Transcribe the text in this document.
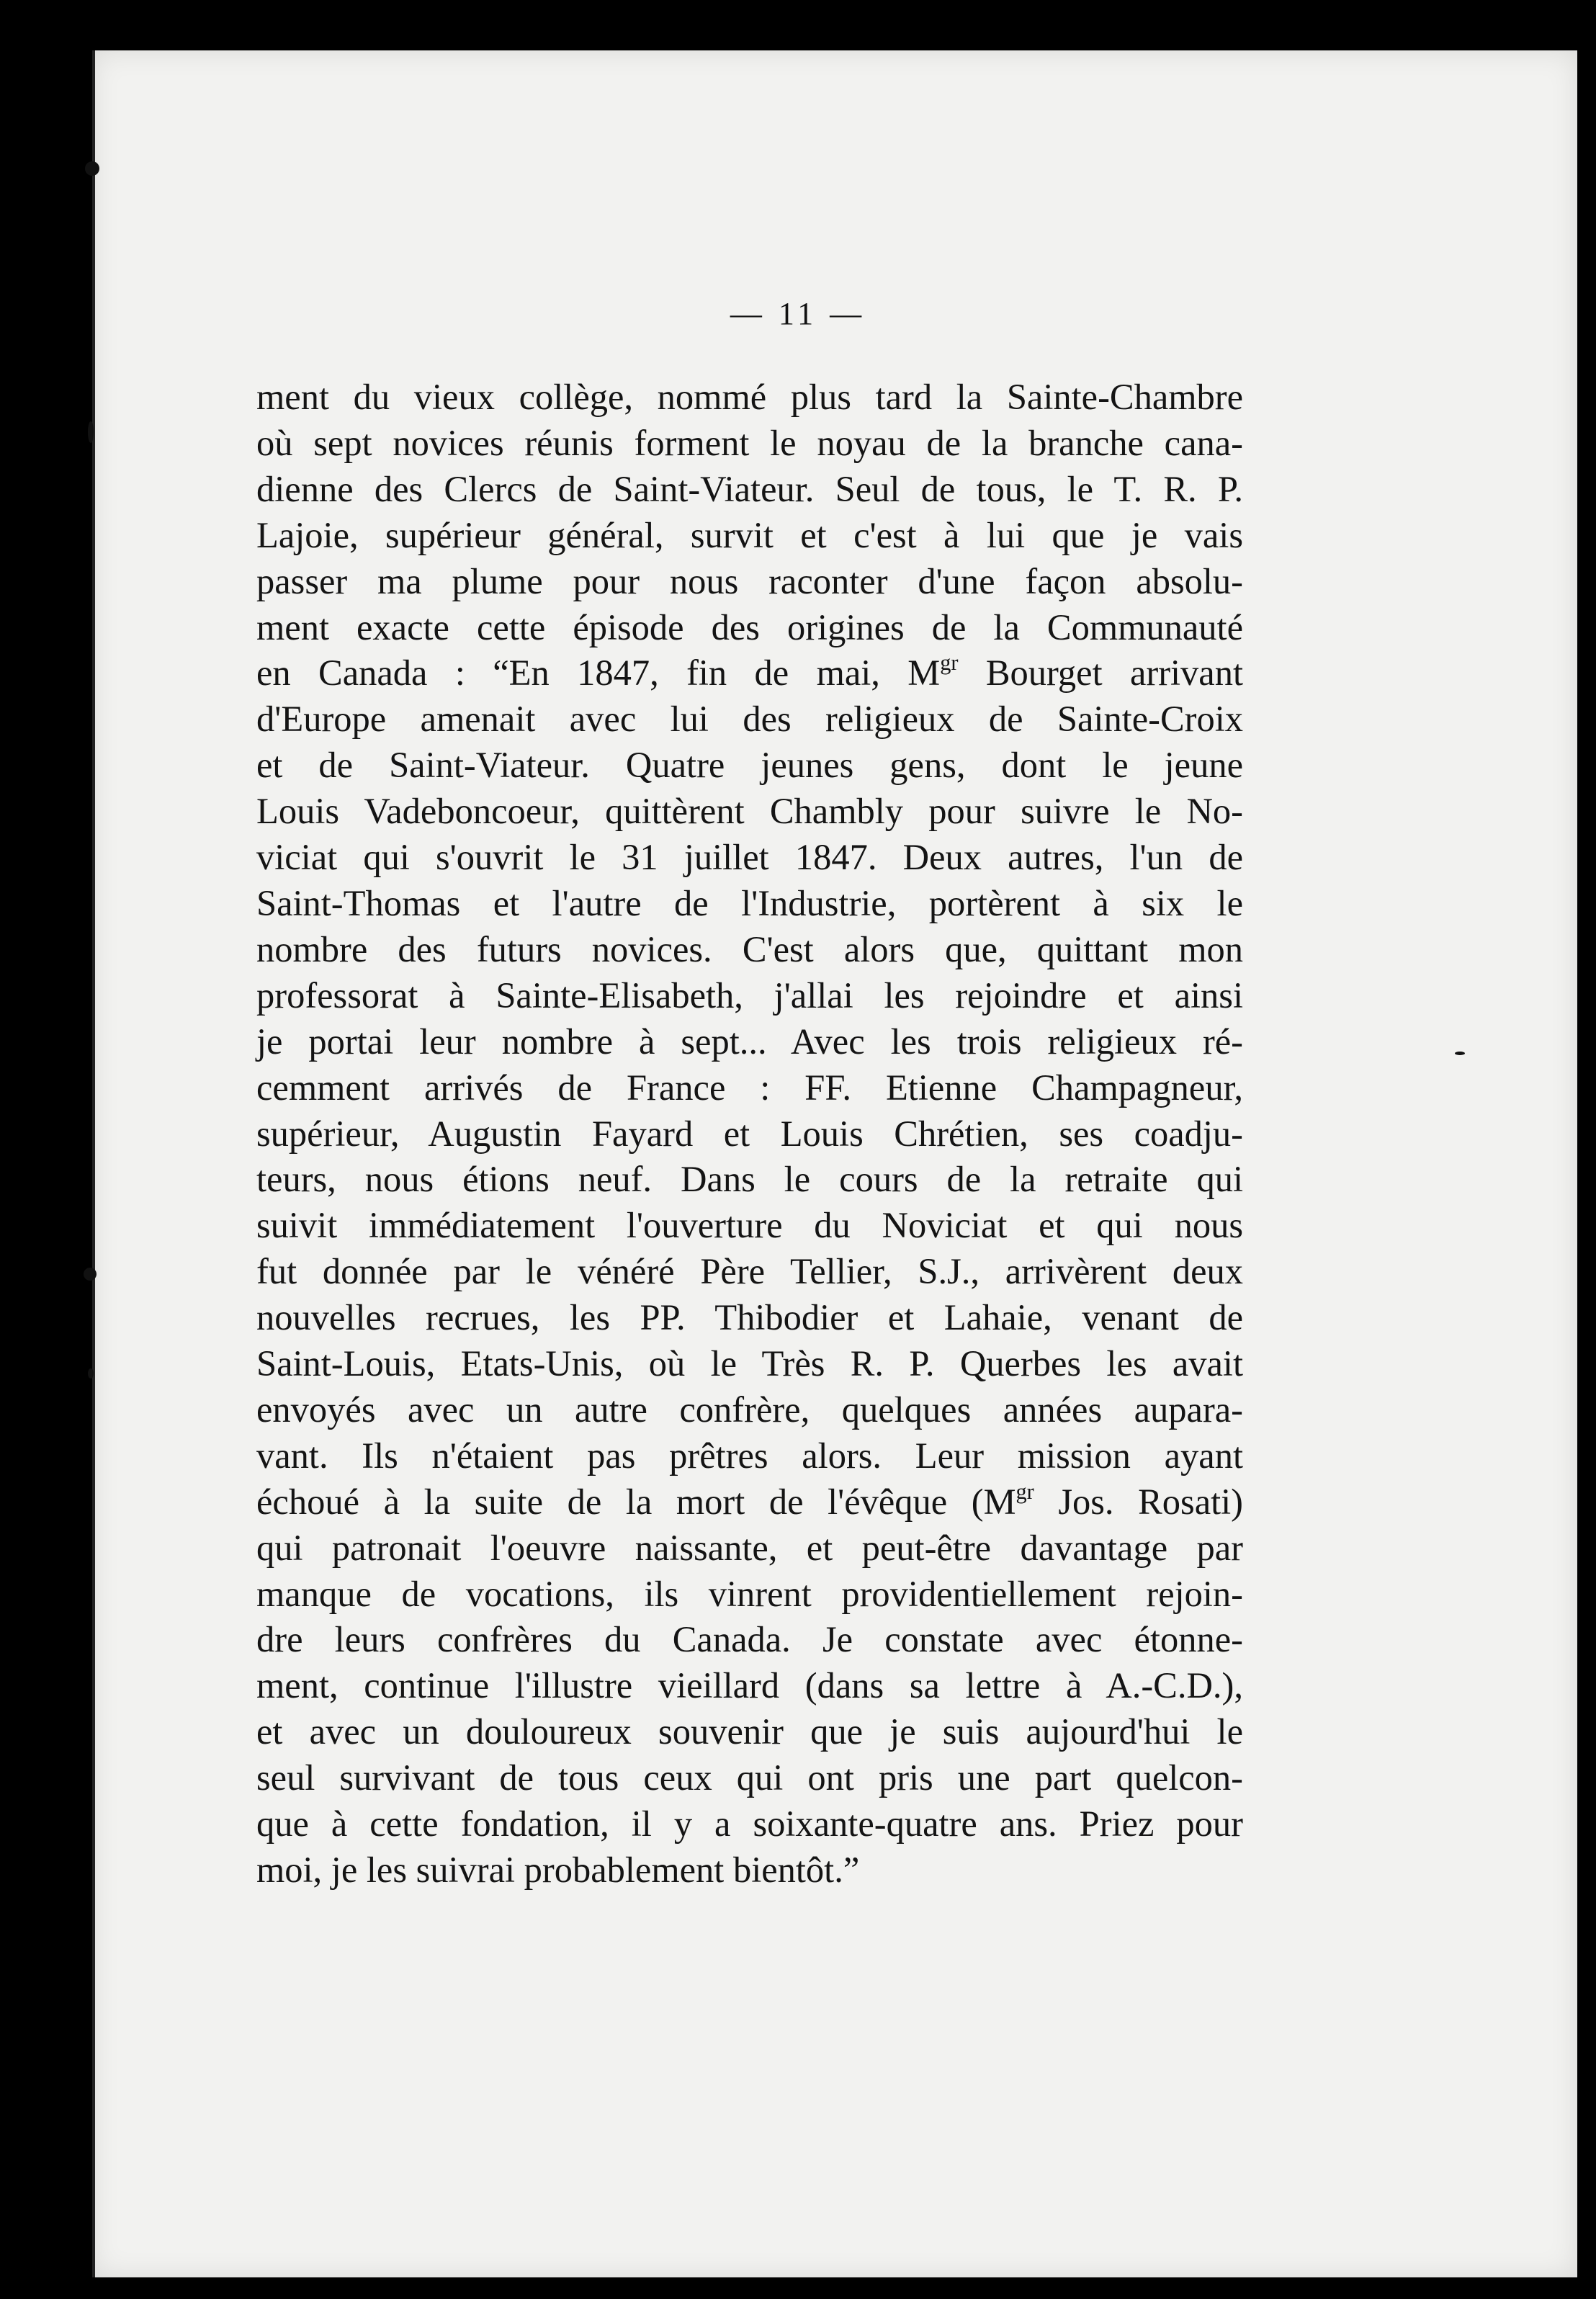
— 11 —
ment du vieux collège, nommé plus tard la Sainte-Chambre
où sept novices réunis forment le noyau de la branche cana-
dienne des Clercs de Saint-Viateur. Seul de tous, le T. R. P.
Lajoie, supérieur général, survit et c'est à lui que je vais
passer ma plume pour nous raconter d'une façon absolu-
ment exacte cette épisode des origines de la Communauté
en Canada : “En 1847, fin de mai, $M^{gr}$ Bourget arrivant
d'Europe amenait avec lui des religieux de Sainte-Croix
et de Saint-Viateur. Quatre jeunes gens, dont le jeune
Louis Vadeboncoeur, quittèrent Chambly pour suivre le No-
viciat qui s'ouvrit le 31 juillet 1847. Deux autres, l'un de
Saint-Thomas et l'autre de l'Industrie, portèrent à six le
nombre des futurs novices. C'est alors que, quittant mon
professorat à Sainte-Elisabeth, j'allai les rejoindre et ainsi
je portai leur nombre à sept... Avec les trois religieux ré-
cemment arrivés de France : FF. Etienne Champagneur,
supérieur, Augustin Fayard et Louis Chrétien, ses coadju-
teurs, nous étions neuf. Dans le cours de la retraite qui
suivit immédiatement l'ouverture du Noviciat et qui nous
fut donnée par le vénéré Père Tellier, S.J., arrivèrent deux
nouvelles recrues, les PP. Thibodier et Lahaie, venant de
Saint-Louis, Etats-Unis, où le Très R. P. Querbes les avait
envoyés avec un autre confrère, quelques années aupara-
vant. Ils n'étaient pas prêtres alors. Leur mission ayant
échoué à la suite de la mort de l'évêque ($M^{gr}$ Jos. Rosati)
qui patronait l'oeuvre naissante, et peut-être davantage par
manque de vocations, ils vinrent providentiellement rejoin-
dre leurs confrères du Canada. Je constate avec étonne-
ment, continue l'illustre vieillard (dans sa lettre à A.-C.D.),
et avec un douloureux souvenir que je suis aujourd'hui le
seul survivant de tous ceux qui ont pris une part quelcon-
que à cette fondation, il y a soixante-quatre ans. Priez pour
moi, je les suivrai probablement bientôt.”
